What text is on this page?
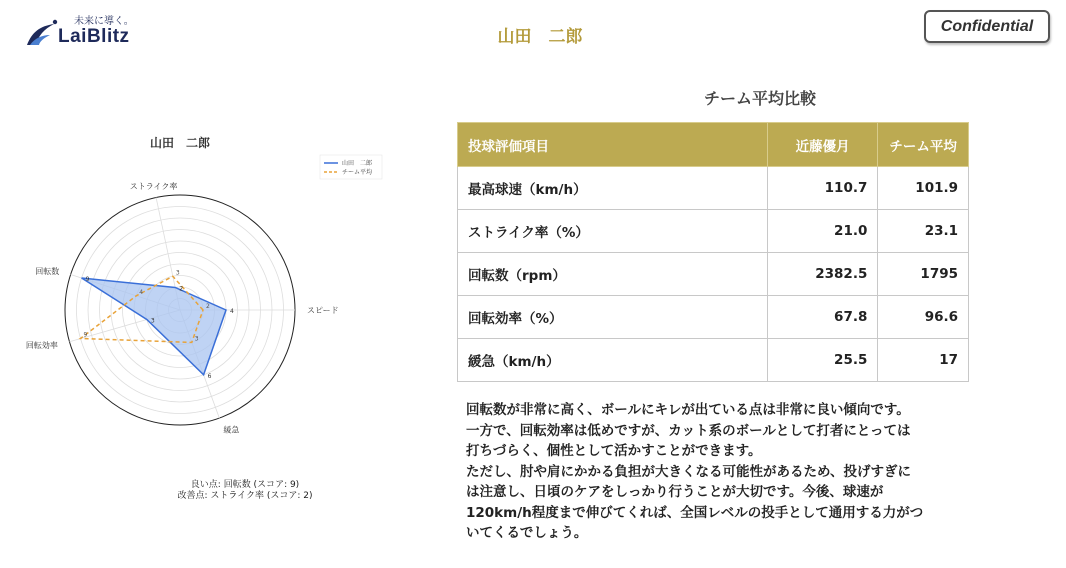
未来に導く。
LaiBlitz	山田　二郎
Confidential
山田　二郎
スピード
ストライク率
回転数
回転効率
緩急
4
2
9
3
6
2
3
4
9
3
山田　二郎
チーム平均
良い点: 回転数 (スコア: 9)
改善点: ストライク率 (スコア: 2)
チーム平均比較
投球評価項目	近藤優月	チーム平均
最高球速（km/h）	110.7	101.9
ストライク率（%）	21.0	23.1
回転数（rpm）	2382.5	1795
回転効率（%）	67.8	96.6
緩急（km/h）	25.5	17

回転数が非常に高く、ボールにキレが出ている点は非常に良い傾向です。

一方で、回転効率は低めですが、カット系のボールとして打者にとっては

打ちづらく、個性として活かすことができます。

ただし、肘や肩にかかる負担が大きくなる可能性があるため、投げすぎに

は注意し、日頃のケアをしっかり行うことが大切です。今後、球速が

120km/h程度まで伸びてくれば、全国レベルの投手として通用する力がつ

いてくるでしょう。
